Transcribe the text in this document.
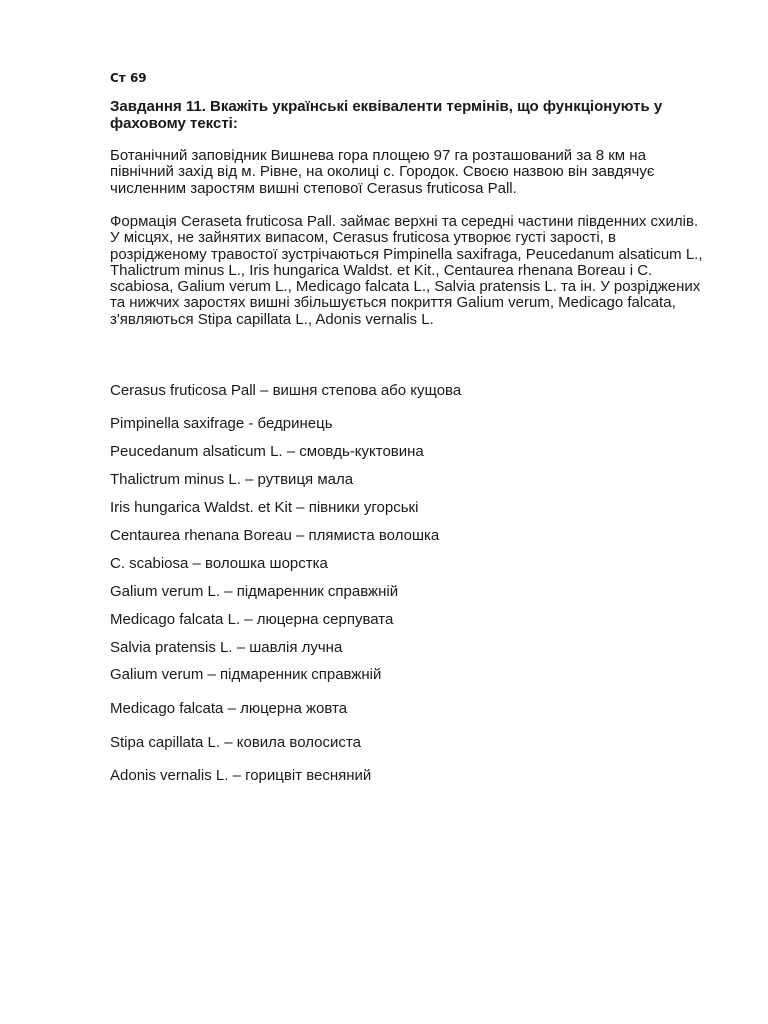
Ст 69
Завдання 11. Вкажіть українські еквіваленти термінів, що функціонують у фаховому тексті:
Ботанічний заповідник Вишнева гора площею 97 га розташований за 8 км на північний захід від м. Рівне, на околиці с. Городок. Своєю назвою він завдячує численним заростям вишні степової Cerasus fruticosa Pall.
Формація Ceraseta fruticosa Pall. займає верхні та середні частини південних схилів. У місцях, не зайнятих випасом, Cerasus fruticosa утворює густі зарості, в розрідженому травостої зустрічаються Pimpinella saxifraga, Peucedanum alsaticum L., Thalictrum minus L., Iris hungarica Waldst. et Kit., Centaurea rhenana Boreau і C. scabiosa, Galium verum L., Medicago falcata L., Salvia pratensis L. та ін. У розріджених та нижчих заростях вишні збільшується покриття Galium verum, Medicago falcata, з'являються Stipa capillata L., Adonis vernalis L.
Cerasus fruticosa Pall – вишня степова або кущова
Pimpinella saxifrage - бедринець
Peucedanum alsaticum L. – смовдь-куктовина
Thalictrum minus L. – рутвиця мала
Iris hungarica Waldst. et Kit – півники угорські
Centaurea rhenana Boreau – плямиста волошка
C. scabiosa – волошка шорстка
Galium verum L. – підмаренник справжній
Medicago falcata L. – люцерна серпувата
Salvia pratensis L. – шавлія лучна
Galium verum – підмаренник справжній
Medicago falcata – люцерна жовта
Stipa capillata L. – ковила волосиста
Adonis vernalis L. – горицвіт весняний
